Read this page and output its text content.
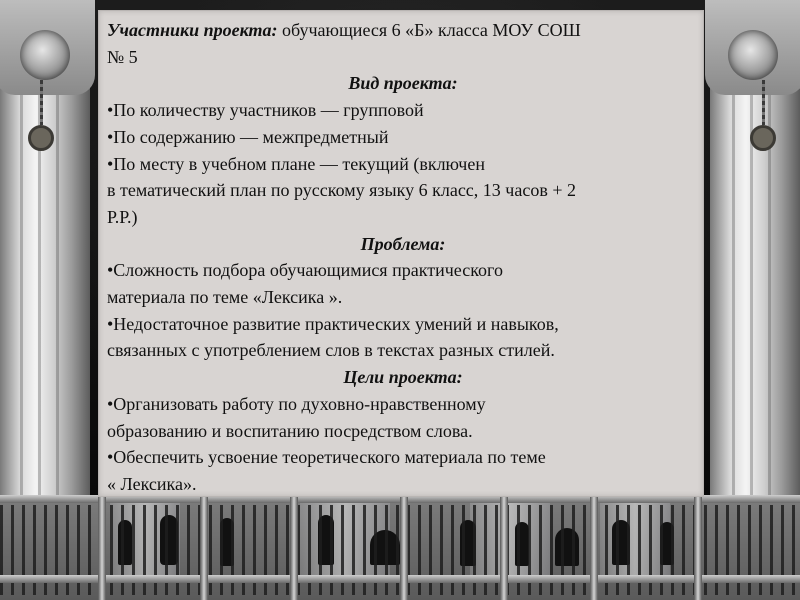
Участники проекта: обучающиеся 6 «Б» класса МОУ СОШ
№ 5
Вид проекта:
•По количеству участников — групповой
•По содержанию — межпредметный
•По месту в учебном плане — текущий (включен
в тематический план по русскому языку 6 класс, 13 часов + 2
Р.Р.)
Проблема:
•Сложность подбора обучающимися практического
материала по теме «Лексика ».
•Недостаточное развитие практических умений и навыков,
связанных с употреблением слов в текстах разных стилей.
Цели проекта:
•Организовать работу по духовно-нравственному
образованию и воспитанию посредством слова.
•Обеспечить усвоение теоретического материала по теме
« Лексика».
